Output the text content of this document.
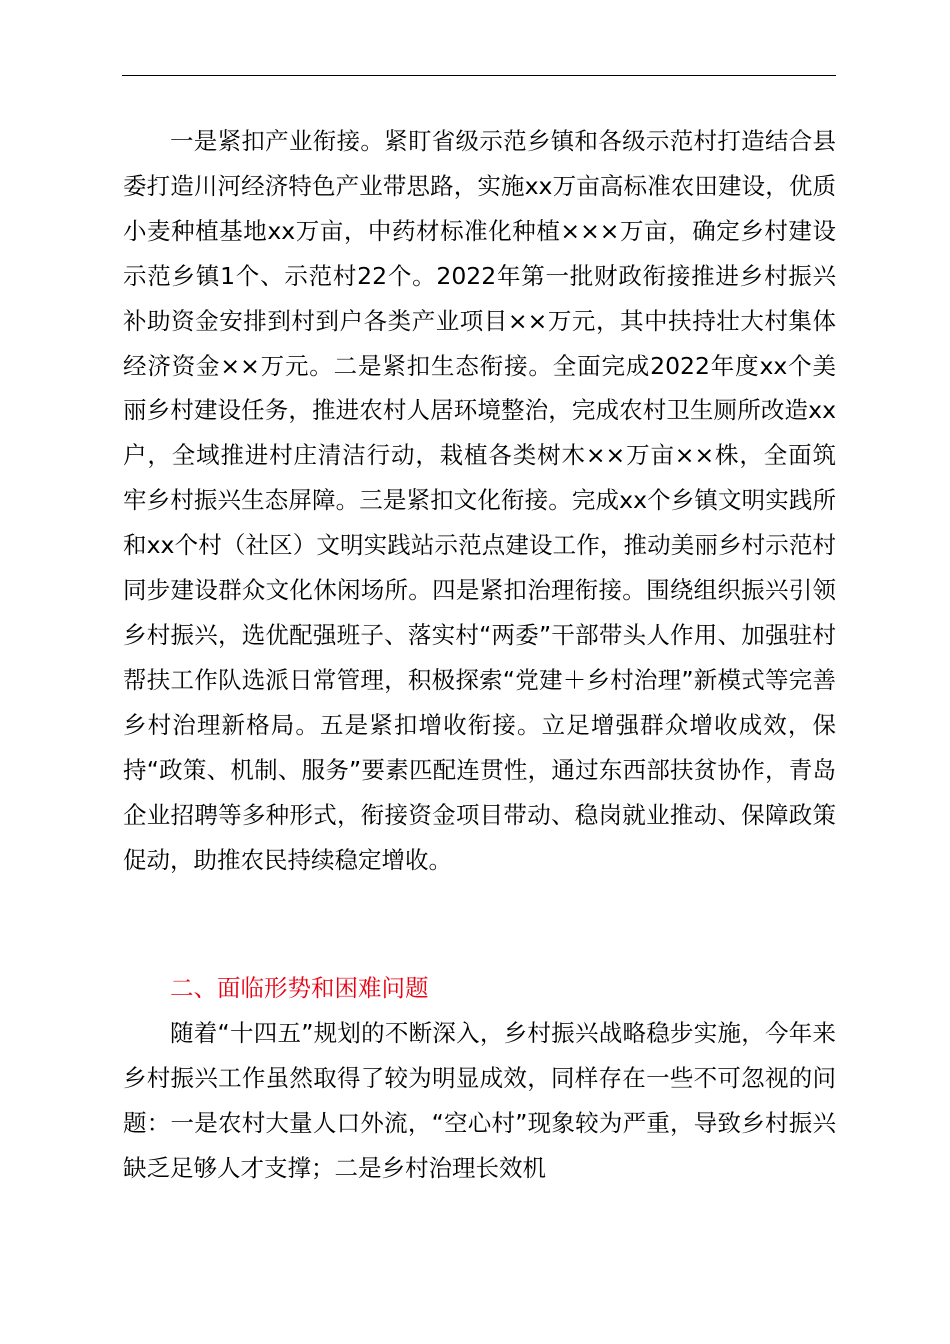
一是紧扣产业衔接。紧盯省级示范乡镇和各级示范村打造结合县委打造川河经济特色产业带思路，实施xx万亩高标准农田建设，优质小麦种植基地xx万亩，中药材标准化种植×××万亩，确定乡村建设示范乡镇1个、示范村22个。2022年第一批财政衔接推进乡村振兴补助资金安排到村到户各类产业项目××万元，其中扶持壮大村集体经济资金××万元。二是紧扣生态衔接。全面完成2022年度xx个美丽乡村建设任务，推进农村人居环境整治，完成农村卫生厕所改造xx户，全域推进村庄清洁行动，栽植各类树木××万亩××株，全面筑牢乡村振兴生态屏障。三是紧扣文化衔接。完成xx个乡镇文明实践所和xx个村（社区）文明实践站示范点建设工作，推动美丽乡村示范村同步建设群众文化休闲场所。四是紧扣治理衔接。围绕组织振兴引领乡村振兴，选优配强班子、落实村“两委”干部带头人作用、加强驻村帮扶工作队选派日常管理，积极探索“党建＋乡村治理”新模式等完善乡村治理新格局。五是紧扣增收衔接。立足增强群众增收成效，保持“政策、机制、服务”要素匹配连贯性，通过东西部扶贫协作，青岛企业招聘等多种形式，衔接资金项目带动、稳岗就业推动、保障政策促动，助推农民持续稳定增收。
二、面临形势和困难问题
随着“十四五”规划的不断深入，乡村振兴战略稳步实施，今年来乡村振兴工作虽然取得了较为明显成效，同样存在一些不可忽视的问题：一是农村大量人口外流，“空心村”现象较为严重，导致乡村振兴缺乏足够人才支撑；二是乡村治理长效机
